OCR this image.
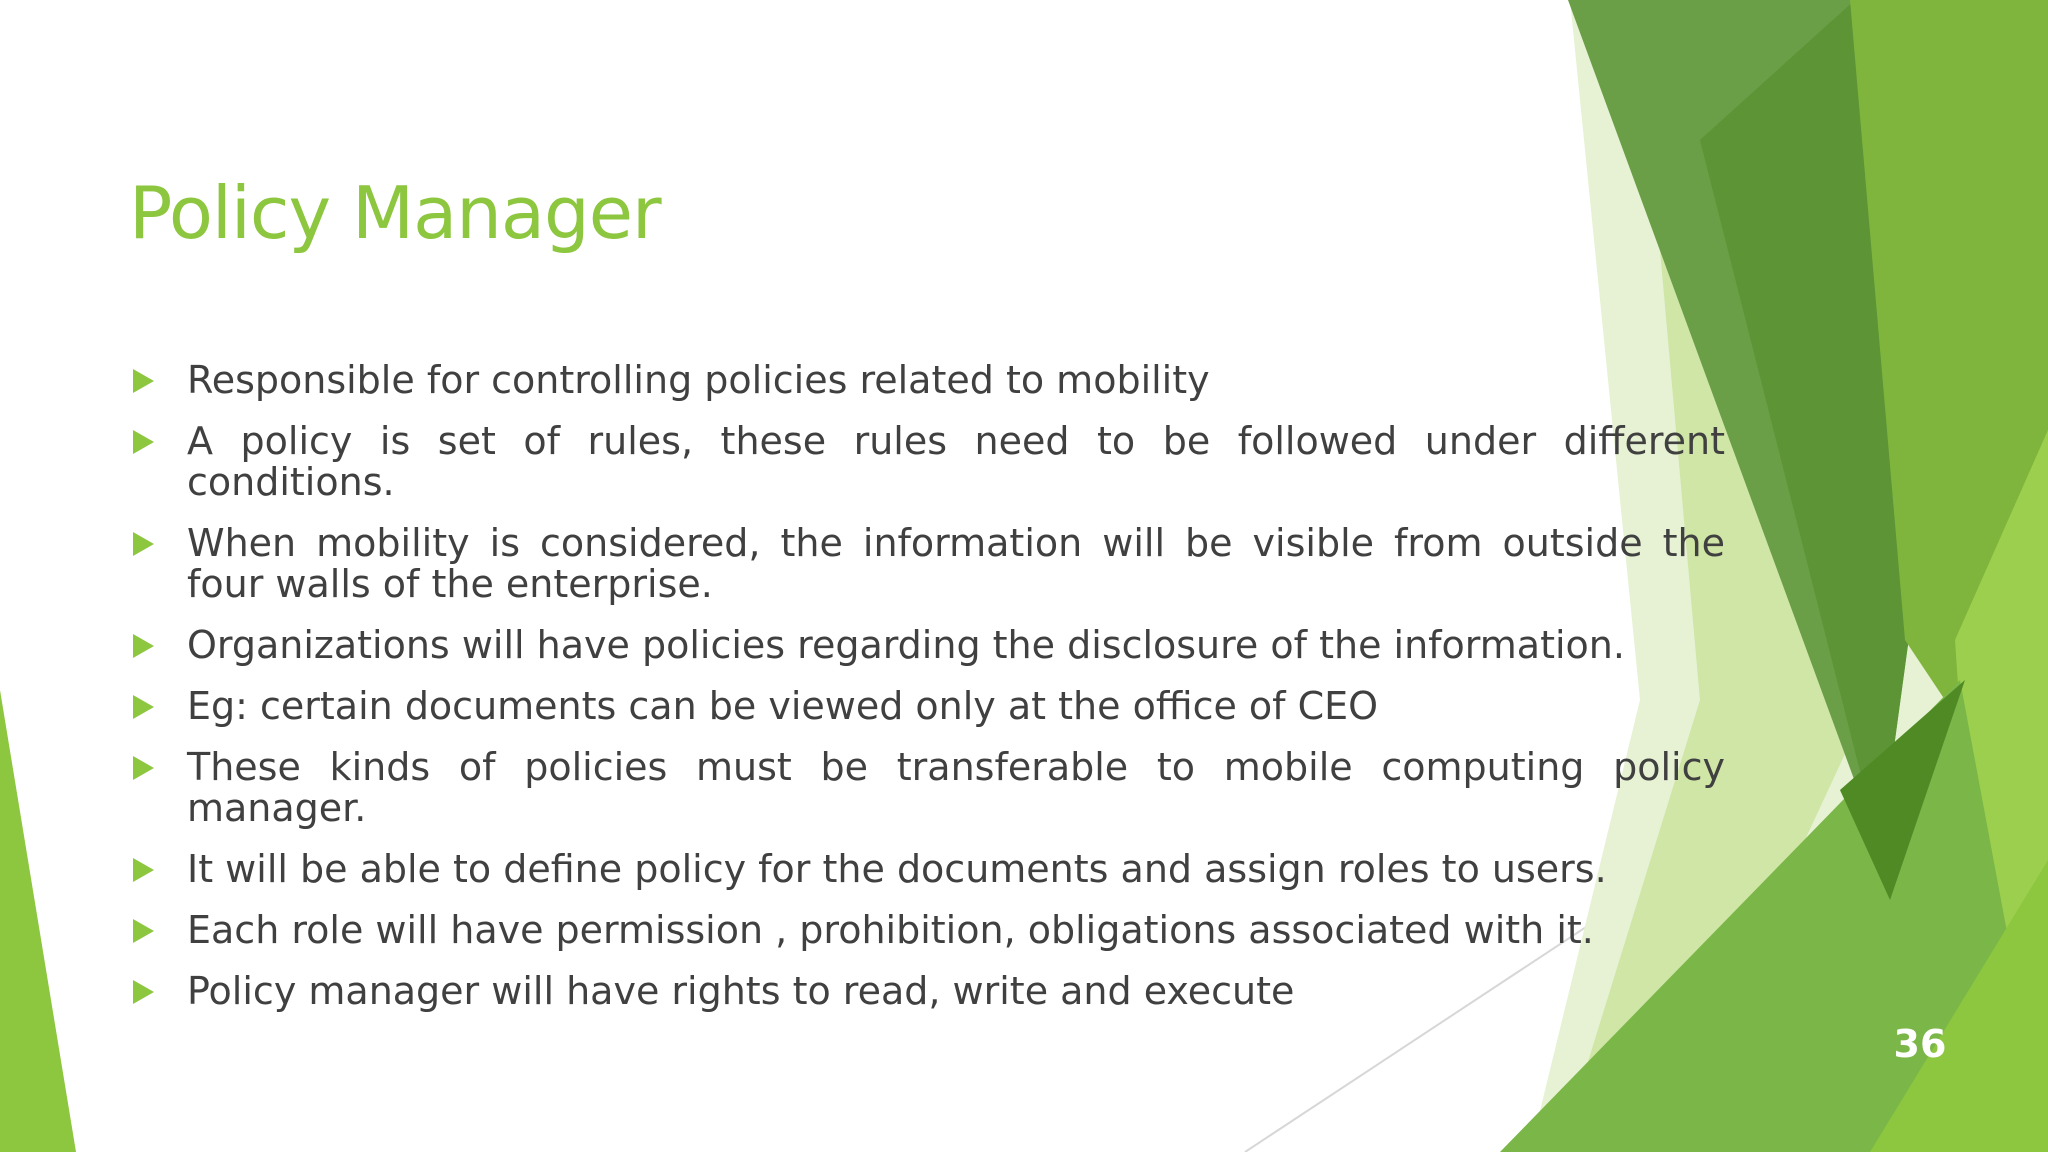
Policy Manager
Responsible for controlling policies related to mobility
A policy is set of rules, these rules need to be followed under different conditions.
When mobility is considered, the information will be visible from outside the four walls of the enterprise.
Organizations will have policies regarding the disclosure of the information.
Eg: certain documents can be viewed only at the office of CEO
These kinds of policies must be transferable to mobile computing policy manager.
It will be able to define policy for the documents and assign roles to users.
Each role will have permission , prohibition, obligations associated with it.
Policy manager will have rights to read, write and execute
36
